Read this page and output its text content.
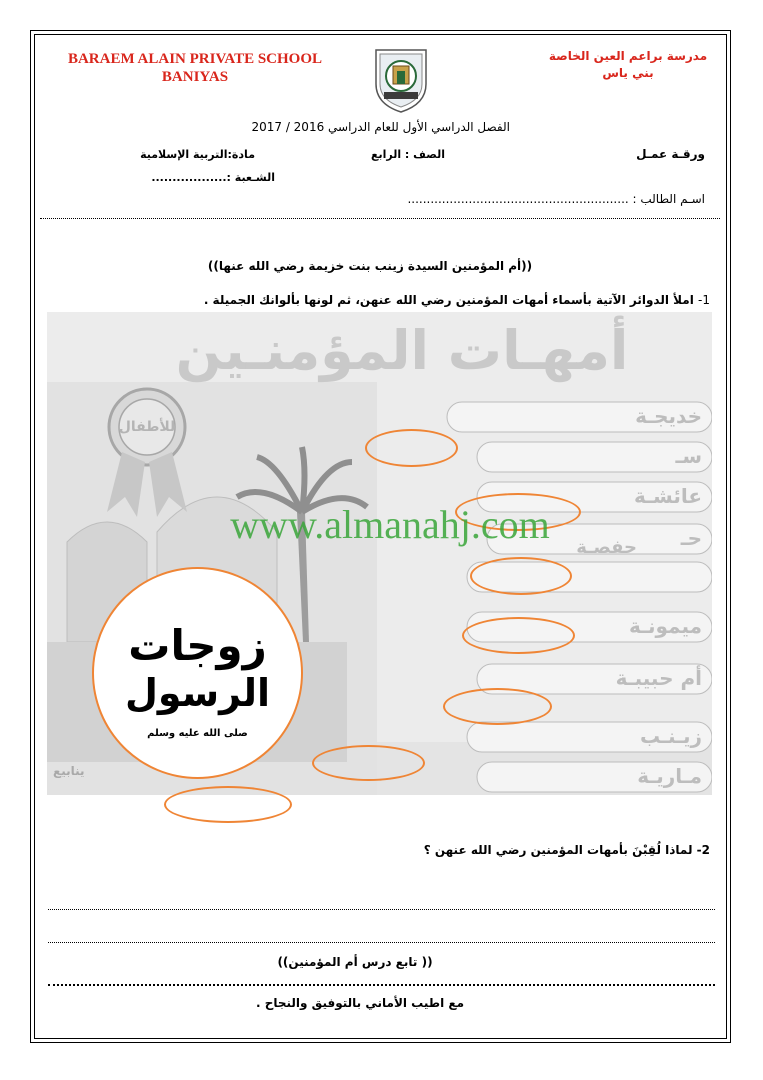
BARAEM ALAIN PRIVATE SCHOOL
BANIYAS
مدرسة براعم العين الخاصة
بني ياس
الفصل الدراسي الأول للعام الدراسي 2016 / 2017
ورقـة عمـل
الصف : الرابع
مادة:التربية الإسلامية
الشـعبة :..................
اسـم الطالب : ..........................................................
((أم المؤمنين السيدة زينب بنت خزيمة رضي الله عنها))
1- املأ الدوائر الآتية بأسماء أمهات المؤمنين رضي الله عنهن، ثم لونها بألوانك الجميلة .
أمهـات المؤمنـين
للأطفال	خديجـة
سـ
عائشـة
حـ
حفصـة
ميمونـة
أم حبيبـة
زيـنـب
مـاريـة
ينابيع
www.almanahj.com
زوجات
الرسول
صلى الله عليه وسلم
2- لماذا لُقِبْنَ بأمهات المؤمنين رضي الله عنهن ؟
(( تابع درس أم المؤمنين))
مع اطيب الأماني بالتوفيق والنجاح .
